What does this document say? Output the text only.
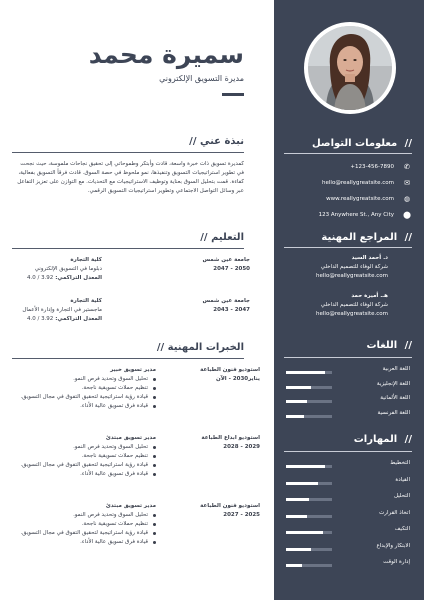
معلومات التواصل //
✆
+123-456-7890
✉
hello@reallygreatsite.com
◍
www.reallygreatsite.com
⬤
123 Anywhere St., Any City
المراجع المهنية //
د. أحمد السيد
شركة الوفاء للتصميم الداخلي
hello@reallygreatsite.com
هـ. أميرة حمد
شركة الوفاء للتصميم الداخلي
hello@reallygreatsite.com
اللغات //
اللغة العربية
اللغة الإنجليزية
اللغة الألمانية
اللغة الفرنسية
المهارات //
التخطيط
القيادة
التحليل
اتخاذ القرارت
التكيف
الابتكار والإبداع
إدارة الوقت
سميرة محمد
مديرة التسويق الإلكتروني
نبذة عني //
كمديرة تسويق ذات خبرة واسعة، قادت وأبتكر وطموحاتي إلى تحقيق نجاحات ملموسة، حيث نجحت في تطوير استراتيجيات التسويق وتنفيذها، نمو ملحوظ في حصة السوق. قادت فرقاً التسويق بفعالية، كفاءة. قمت بتحليل السوق بعناية وتوظيف الاستراتيجيات مع التحديات. مع التوازن على تعزيز التفاعل عبر وسائل التواصل الاجتماعي وتطوير استراتيجيات التسويق الرقمي.
التعليم //
كلية التجارة
دبلوما في التسويق الإلكتروني
المعدل التراكمي: 3.92 / 4.0
جامعة عين شمس
2050 - 2047
كلية التجارة
ماجستير في التجارة وإدارة الأعمال
المعدل التراكمي: 3.92 / 4.0
جامعة عين شمس
2047 - 2043
الخبرات المهنية //
استوديو فنون الطباعة
يناير2030 - الآن
مدير تسويق خبير
تحليل السوق وتحديد فرص النمو.
تنظيم حملات تسويقية ناجحة.
قيادة رؤية استراتيجية لتحقيق التفوق في مجال التسويق.
قيادة فرق تسويق عالية الأداء.
استوديو ابداع الطباعة
2029 - 2028
مدير تسويق مبتدئ
تحليل السوق وتحديد فرص النمو.
تنظيم حملات تسويقية ناجحة.
قيادة رؤية استراتيجية لتحقيق التفوق في مجال التسويق.
قيادة فرق تسويق عالية الأداء.
استوديو فنون الطباعة
2025 - 2027
مدير تسويق مبتدئ
تحليل السوق وتحديد فرص النمو.
تنظيم حملات تسويقية ناجحة.
قيادة رؤية استراتيجية لتحقيق التفوق في مجال التسويق.
قيادة فرق تسويق عالية الأداء.
